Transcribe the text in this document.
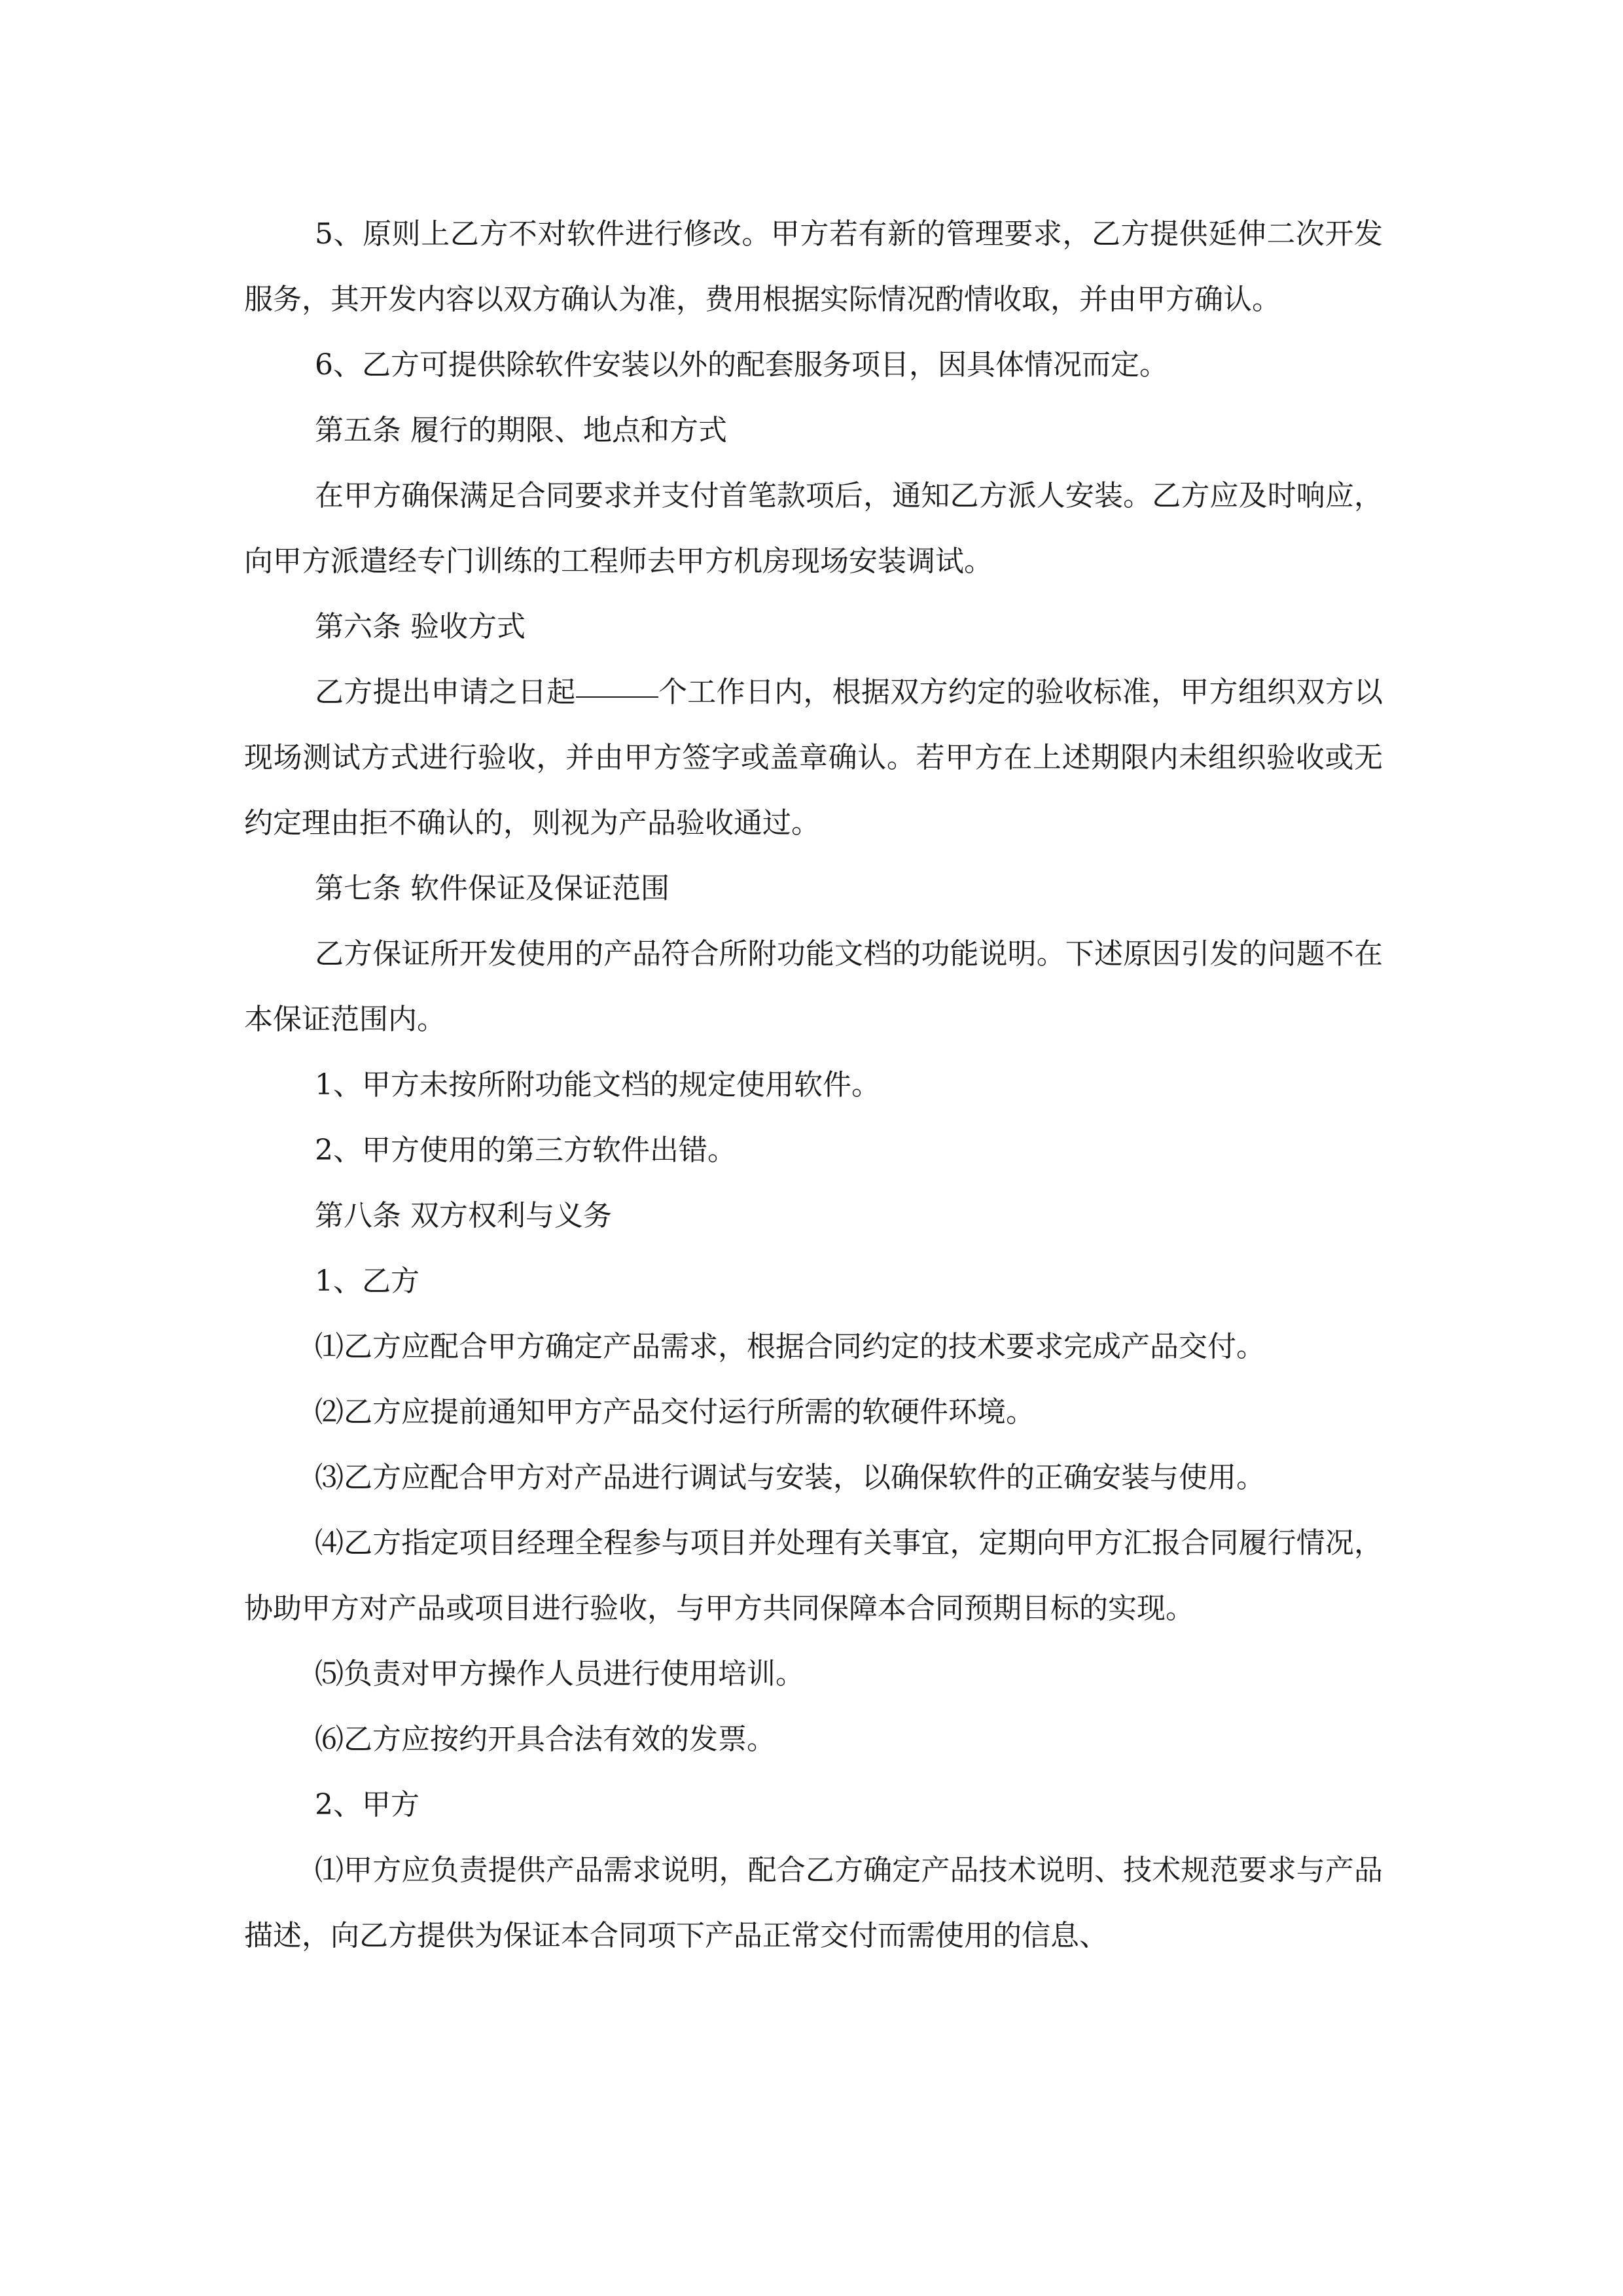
5、原则上乙方不对软件进行修改。甲方若有新的管理要求，乙方提供延伸二次开发服务，其开发内容以双方确认为准，费用根据实际情况酌情收取，并由甲方确认。

6、乙方可提供除软件安装以外的配套服务项目，因具体情况而定。

第五条 履行的期限、地点和方式

在甲方确保满足合同要求并支付首笔款项后，通知乙方派人安装。乙方应及时响应，向甲方派遣经专门训练的工程师去甲方机房现场安装调试。

第六条 验收方式

乙方提出申请之日起	个工作日内，根据双方约定的验收标准，甲方组织双方以现场测试方式进行验收，并由甲方签字或盖章确认。若甲方在上述期限内未组织验收或无约定理由拒不确认的，则视为产品验收通过。

第七条 软件保证及保证范围

乙方保证所开发使用的产品符合所附功能文档的功能说明。下述原因引发的问题不在本保证范围内。

1、甲方未按所附功能文档的规定使用软件。

2、甲方使用的第三方软件出错。

第八条 双方权利与义务

1、乙方

⑴乙方应配合甲方确定产品需求，根据合同约定的技术要求完成产品交付。

⑵乙方应提前通知甲方产品交付运行所需的软硬件环境。

⑶乙方应配合甲方对产品进行调试与安装，以确保软件的正确安装与使用。

⑷乙方指定项目经理全程参与项目并处理有关事宜，定期向甲方汇报合同履行情况，协助甲方对产品或项目进行验收，与甲方共同保障本合同预期目标的实现。

⑸负责对甲方操作人员进行使用培训。

⑹乙方应按约开具合法有效的发票。

2、甲方

⑴甲方应负责提供产品需求说明，配合乙方确定产品技术说明、技术规范要求与产品描述，向乙方提供为保证本合同项下产品正常交付而需使用的信息、
